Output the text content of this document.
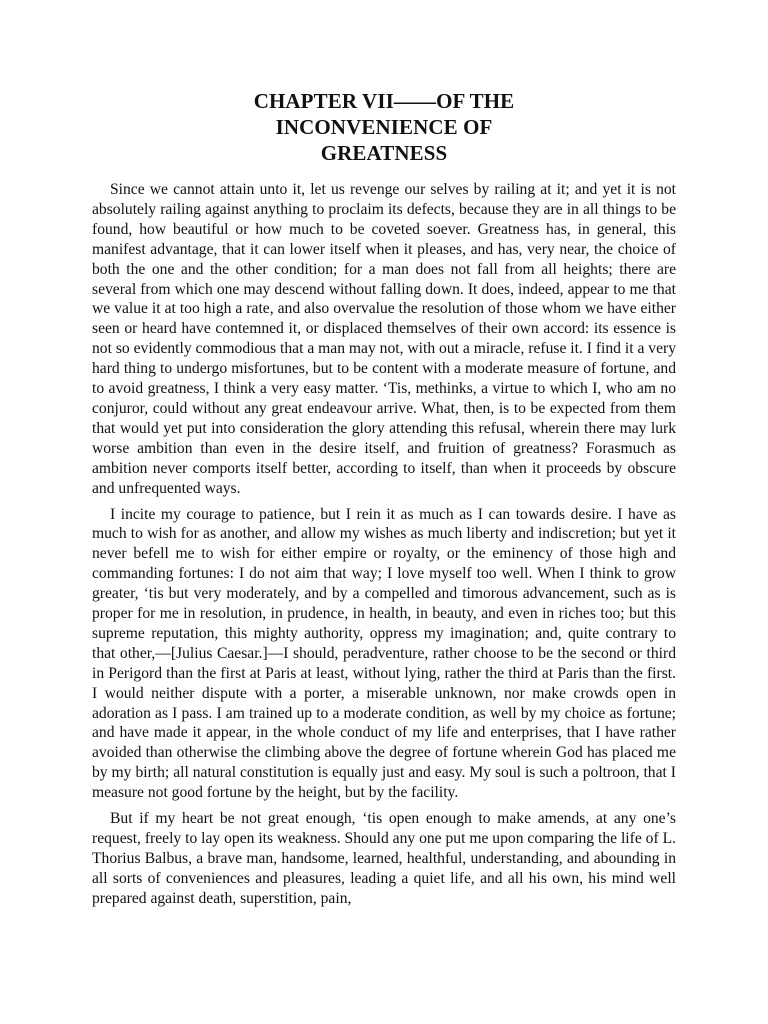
CHAPTER VII——OF THE
INCONVENIENCE OF
GREATNESS

Since we cannot attain unto it, let us revenge our selves by railing at it; and yet it is not absolutely railing against anything to proclaim its defects, because they are in all things to be found, how beautiful or how much to be coveted soever. Greatness has, in general, this manifest advantage, that it can lower itself when it pleases, and has, very near, the choice of both the one and the other condition; for a man does not fall from all heights; there are several from which one may descend without falling down. It does, indeed, appear to me that we value it at too high a rate, and also overvalue the resolution of those whom we have either seen or heard have contemned it, or displaced themselves of their own accord: its essence is not so evidently commodious that a man may not, with out a miracle, refuse it. I find it a very hard thing to undergo misfortunes, but to be content with a moderate measure of fortune, and to avoid greatness, I think a very easy matter. ‘Tis, methinks, a virtue to which I, who am no conjuror, could without any great endeavour arrive. What, then, is to be expected from them that would yet put into consideration the glory attending this refusal, wherein there may lurk worse ambition than even in the desire itself, and fruition of greatness? Forasmuch as ambition never comports itself better, according to itself, than when it proceeds by obscure and unfrequented ways.

I incite my courage to patience, but I rein it as much as I can towards desire. I have as much to wish for as another, and allow my wishes as much liberty and indiscretion; but yet it never befell me to wish for either empire or royalty, or the eminency of those high and commanding fortunes: I do not aim that way; I love myself too well. When I think to grow greater, ‘tis but very moderately, and by a compelled and timorous advancement, such as is proper for me in resolution, in prudence, in health, in beauty, and even in riches too; but this supreme reputation, this mighty authority, oppress my imagination; and, quite contrary to that other,—[Julius Caesar.]—I should, peradventure, rather choose to be the second or third in Perigord than the first at Paris at least, without lying, rather the third at Paris than the first. I would neither dispute with a porter, a miserable unknown, nor make crowds open in adoration as I pass. I am trained up to a moderate condition, as well by my choice as fortune; and have made it appear, in the whole conduct of my life and enterprises, that I have rather avoided than otherwise the climbing above the degree of fortune wherein God has placed me by my birth; all natural constitution is equally just and easy. My soul is such a poltroon, that I measure not good fortune by the height, but by the facility.

But if my heart be not great enough, ‘tis open enough to make amends, at any one’s request, freely to lay open its weakness. Should any one put me upon comparing the life of L. Thorius Balbus, a brave man, handsome, learned, healthful, understanding, and abounding in all sorts of conveniences and pleasures, leading a quiet life, and all his own, his mind well prepared against death, superstition, pain,
